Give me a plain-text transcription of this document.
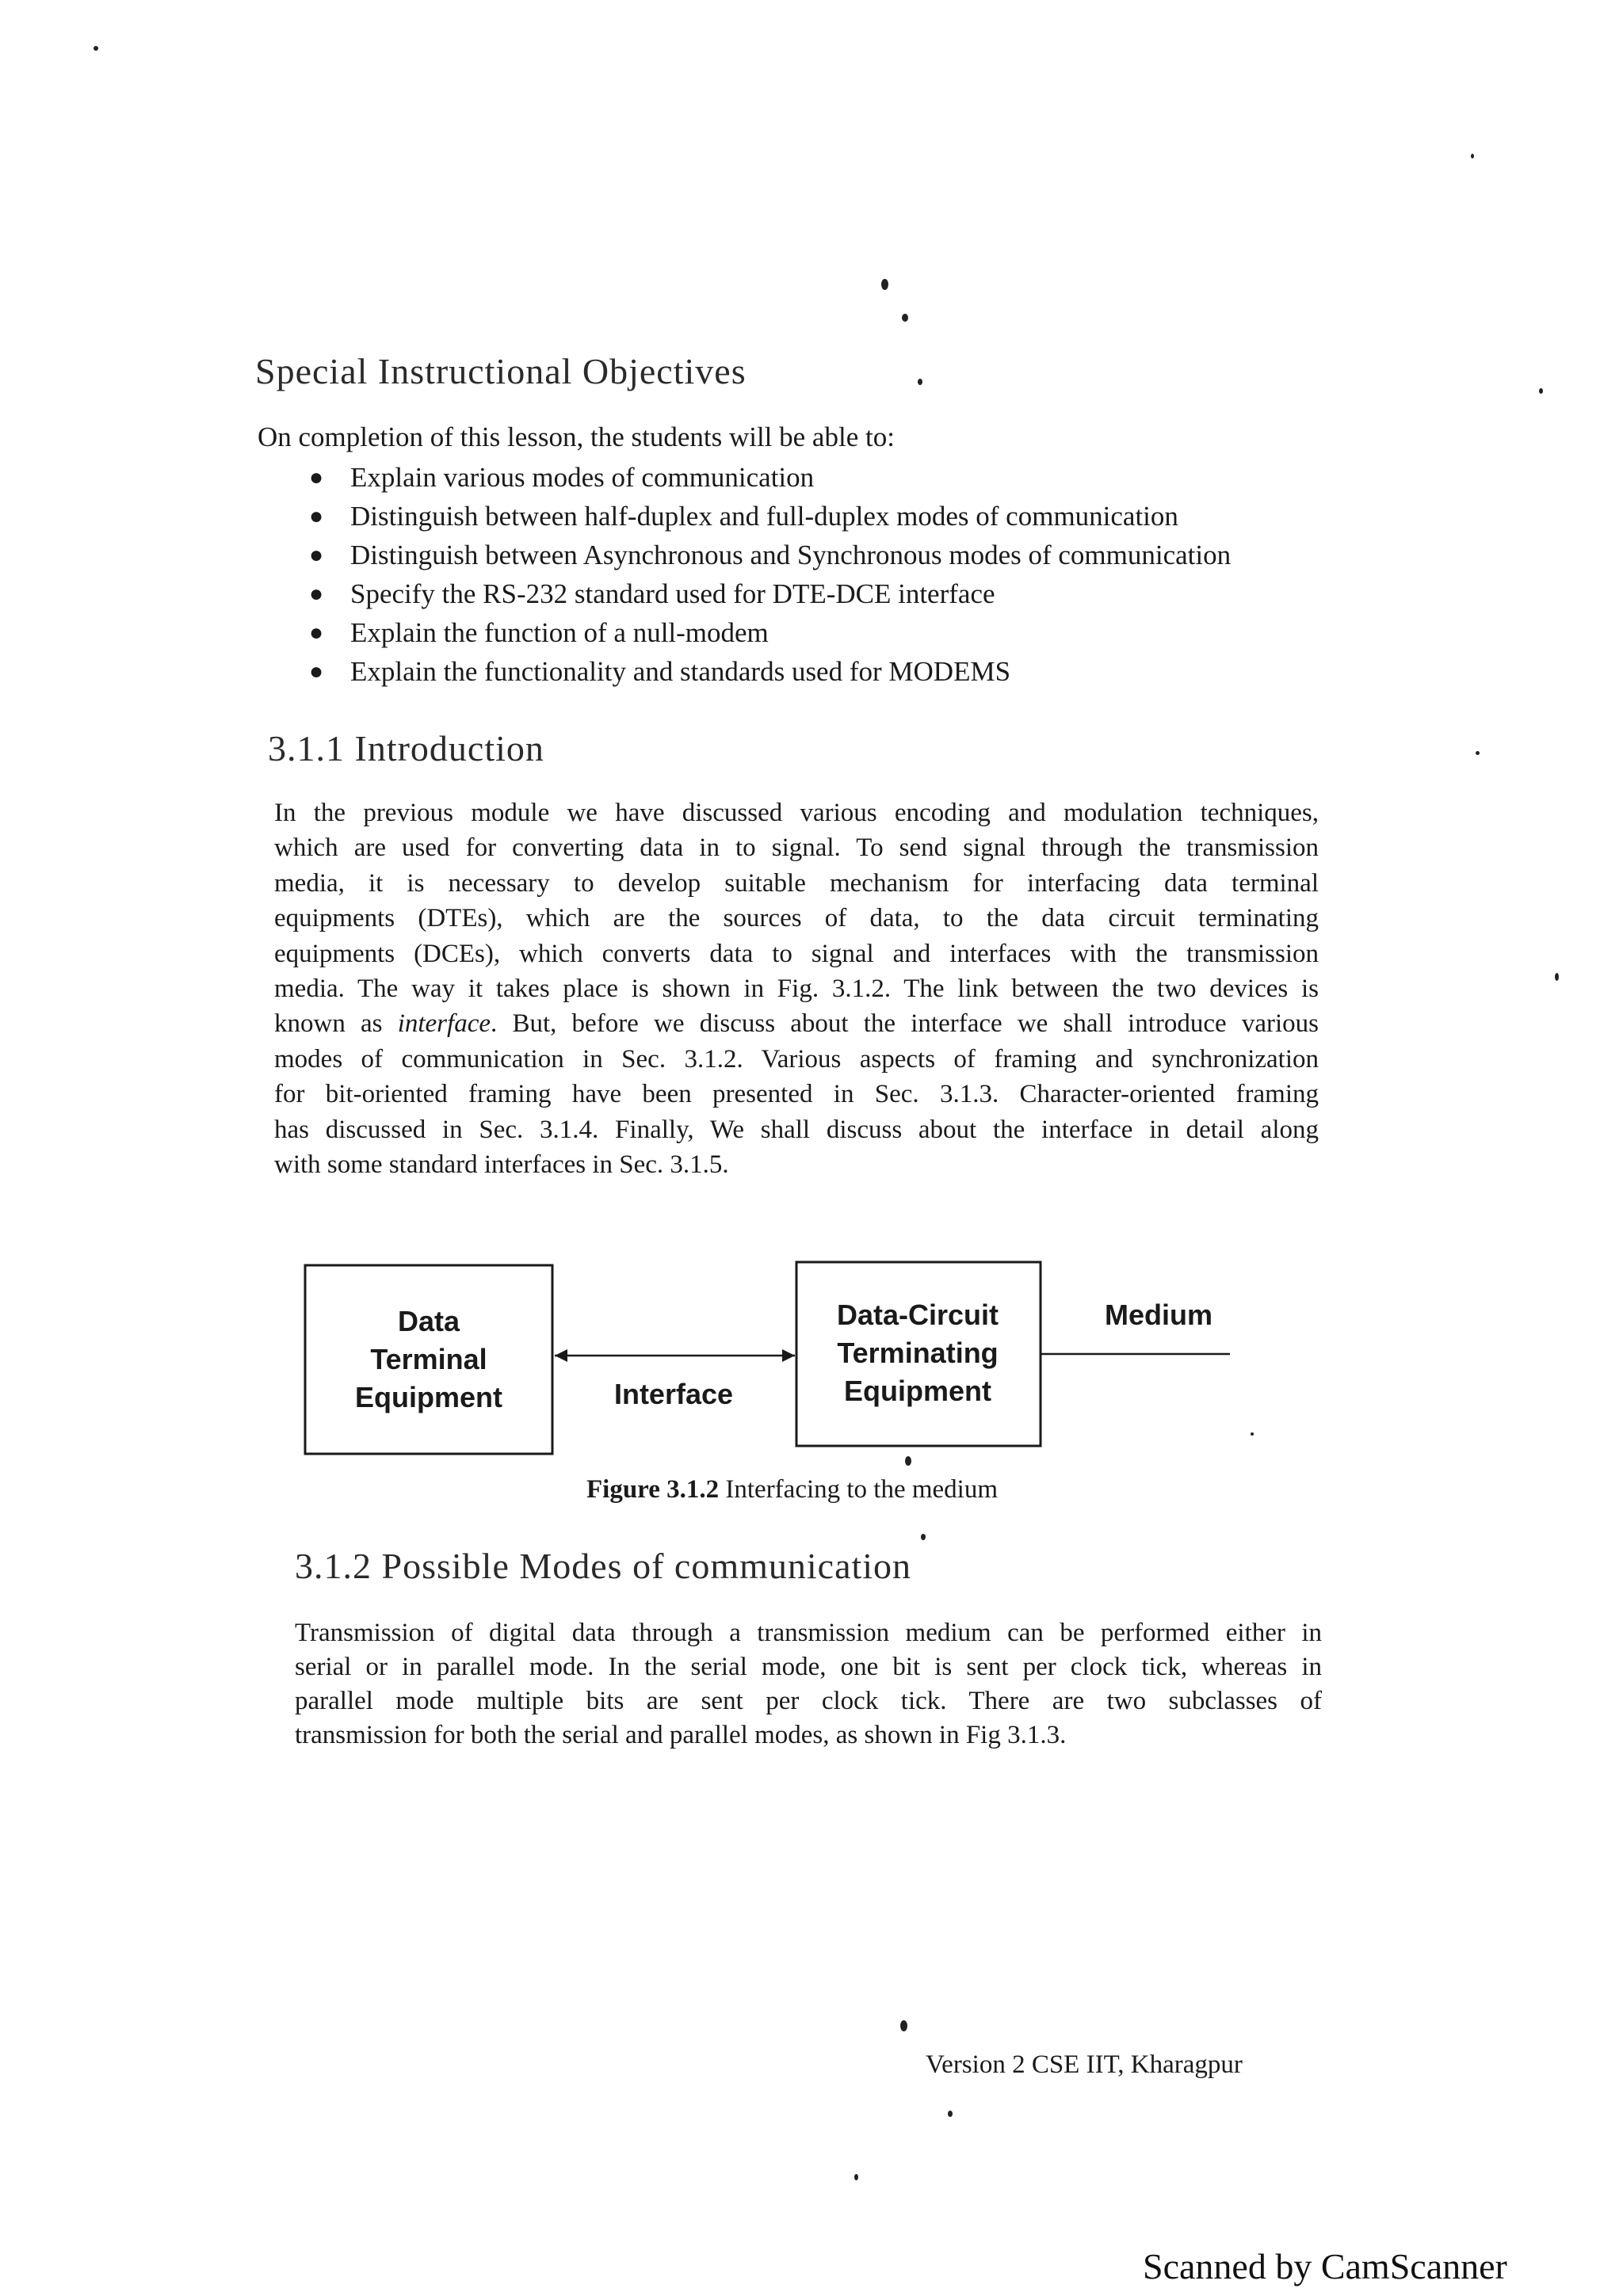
Special Instructional Objectives
On completion of this lesson, the students will be able to:
● Explain various modes of communication
● Distinguish between half-duplex and full-duplex modes of communication
● Distinguish between Asynchronous and Synchronous modes of communication
● Specify the RS-232 standard used for DTE-DCE interface
● Explain the function of a null-modem
● Explain the functionality and standards used for MODEMS
3.1.1 Introduction

In the previous module we have discussed various encoding and modulation techniques,
which are used for converting data in to signal. To send signal through the transmission
media, it is necessary to develop suitable mechanism for interfacing data terminal
equipments (DTEs), which are the sources of data, to the data circuit terminating
equipments (DCEs), which converts data to signal and interfaces with the transmission
media. The way it takes place is shown in Fig. 3.1.2. The link between the two devices is
known as interface. But, before we discuss about the interface we shall introduce various
modes of communication in Sec. 3.1.2. Various aspects of framing and synchronization
for bit-oriented framing have been presented in Sec. 3.1.3. Character-oriented framing
has discussed in Sec. 3.1.4. Finally, We shall discuss about the interface in detail along
with some standard interfaces in Sec. 3.1.5.

Data
Terminal
Equipment
Data-Circuit
Terminating
Equipment
Interface
Medium
Figure 3.1.2 Interfacing to the medium
3.1.2 Possible Modes of communication

Transmission of digital data through a transmission medium can be performed either in
serial or in parallel mode. In the serial mode, one bit is sent per clock tick, whereas in
parallel mode multiple bits are sent per clock tick. There are two subclasses of
transmission for both the serial and parallel modes, as shown in Fig 3.1.3.

Version 2 CSE IIT, Kharagpur
Scanned by CamScanner
